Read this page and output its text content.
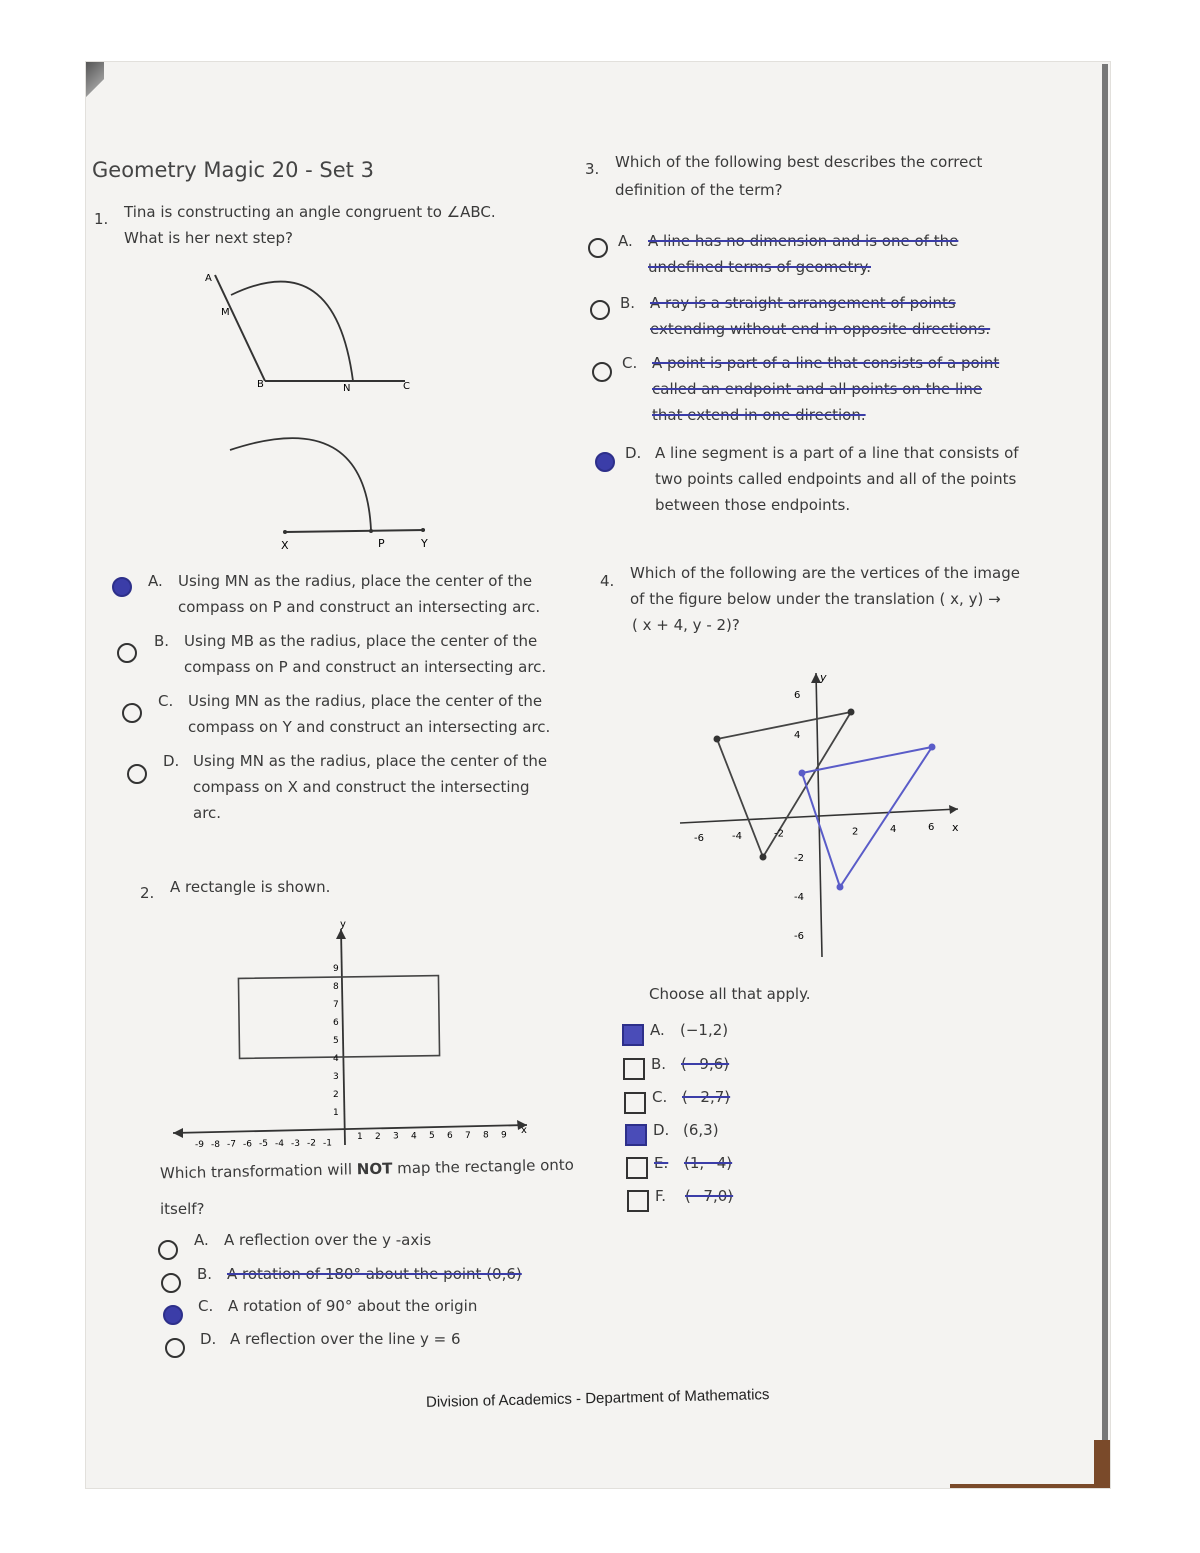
Geometry Magic 20 - Set 3
1. Tina is constructing an angle congruent to ∠ABC.
What is her next step?
A
M
B	N	C
X	P	Y
A. Using MN as the radius, place the center of the
compass on P and construct an intersecting arc.
B. Using MB as the radius, place the center of the
compass on P and construct an intersecting arc.
C. Using MN as the radius, place the center of the
compass on Y and construct an intersecting arc.
D. Using MN as the radius, place the center of the
compass on X and construct the intersecting
arc.
2. A rectangle is shown.
y
x
-9 -8 -7 -6 -5 -4 -3 -2 -1
1 2 3 4 5 6 7 8 9
1
2
3
4
5
6
7
8
9
Which transformation will NOT map the rectangle onto
itself?
A. A reflection over the y -axis
B. A rotation of 180° about the point (0,6)
C. A rotation of 90° about the origin
D. A reflection over the line y = 6
3. Which of the following best describes the correct
definition of the term?
A. A line has no dimension and is one of the
undefined terms of geometry.
B. A ray is a straight arrangement of points
extending without end in opposite directions.
C. A point is part of a line that consists of a point
called an endpoint and all points on the line
that extend in one direction.
D. A line segment is a part of a line that consists of
two points called endpoints and all of the points
between those endpoints.
4. Which of the following are the vertices of the image
of the figure below under the translation ( x, y) →
( x + 4, y - 2)?
y
x
-6	-4	-2	2	4	6
6
4
-2
-4
-6
Choose all that apply.
A. (−1,2)
B. (−9,6)
C. (−2,7)
D. (6,3)
E. (1,−4)
F. (−7,0)
Division of Academics - Department of Mathematics
